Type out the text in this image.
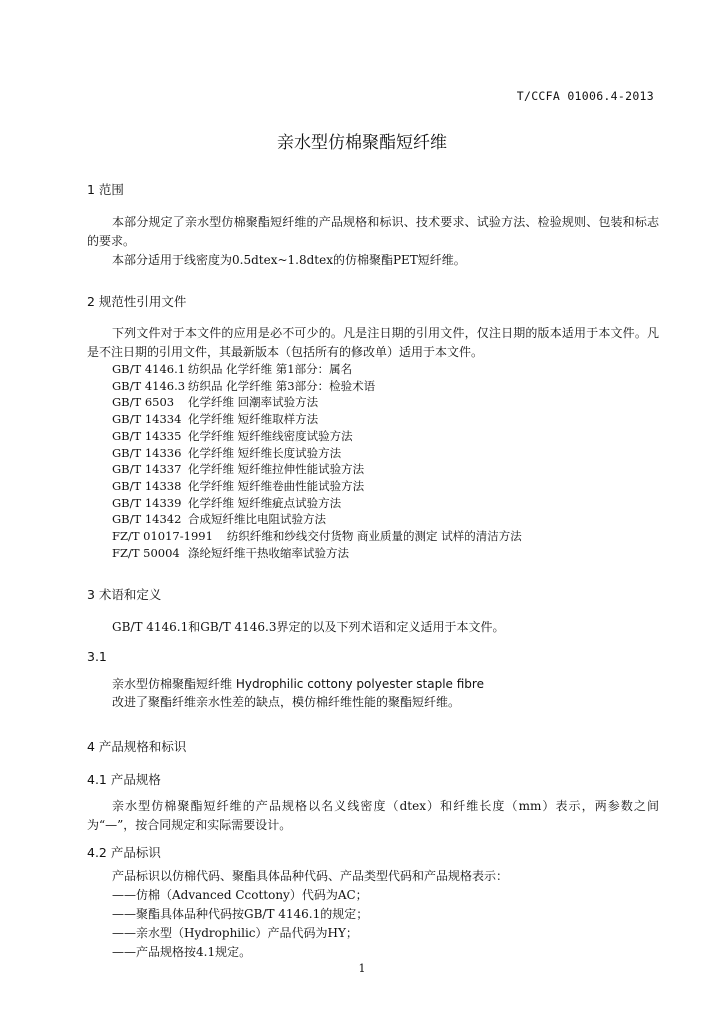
T/CCFA 01006.4-2013
亲水型仿棉聚酯短纤维
1 范围

本部分规定了亲水型仿棉聚酯短纤维的产品规格和标识、技术要求、试验方法、检验规则、包装和标志的要求。

本部分适用于线密度为0.5dtex~1.8dtex的仿棉聚酯PET短纤维。

2 规范性引用文件

下列文件对于本文件的应用是必不可少的。凡是注日期的引用文件，仅注日期的版本适用于本文件。凡是不注日期的引用文件，其最新版本（包括所有的修改单）适用于本文件。

GB/T 4146.1 纺织品 化学纤维 第1部分：属名
GB/T 4146.3 纺织品 化学纤维 第3部分：检验术语
GB/T 6503 化学纤维 回潮率试验方法
GB/T 14334 化学纤维 短纤维取样方法
GB/T 14335 化学纤维 短纤维线密度试验方法
GB/T 14336 化学纤维 短纤维长度试验方法
GB/T 14337 化学纤维 短纤维拉伸性能试验方法
GB/T 14338 化学纤维 短纤维卷曲性能试验方法
GB/T 14339 化学纤维 短纤维疵点试验方法
GB/T 14342 合成短纤维比电阻试验方法
FZ/T 01017-1991 纺织纤维和纱线交付货物 商业质量的测定 试样的清洁方法
FZ/T 50004 涤纶短纤维干热收缩率试验方法
3 术语和定义
GB/T 4146.1和GB/T 4146.3界定的以及下列术语和定义适用于本文件。
3.1
亲水型仿棉聚酯短纤维 Hydrophilic cottony polyester staple fibre
改进了聚酯纤维亲水性差的缺点，模仿棉纤维性能的聚酯短纤维。
4 产品规格和标识
4.1 产品规格

亲水型仿棉聚酯短纤维的产品规格以名义线密度（dtex）和纤维长度（mm）表示，两参数之间为“—”，按合同规定和实际需要设计。

4.2 产品标识
产品标识以仿棉代码、聚酯具体品种代码、产品类型代码和产品规格表示：
——仿棉（Advanced Ccottony）代码为AC；
——聚酯具体品种代码按GB/T 4146.1的规定；
——亲水型（Hydrophilic）产品代码为HY；
——产品规格按4.1规定。
1
